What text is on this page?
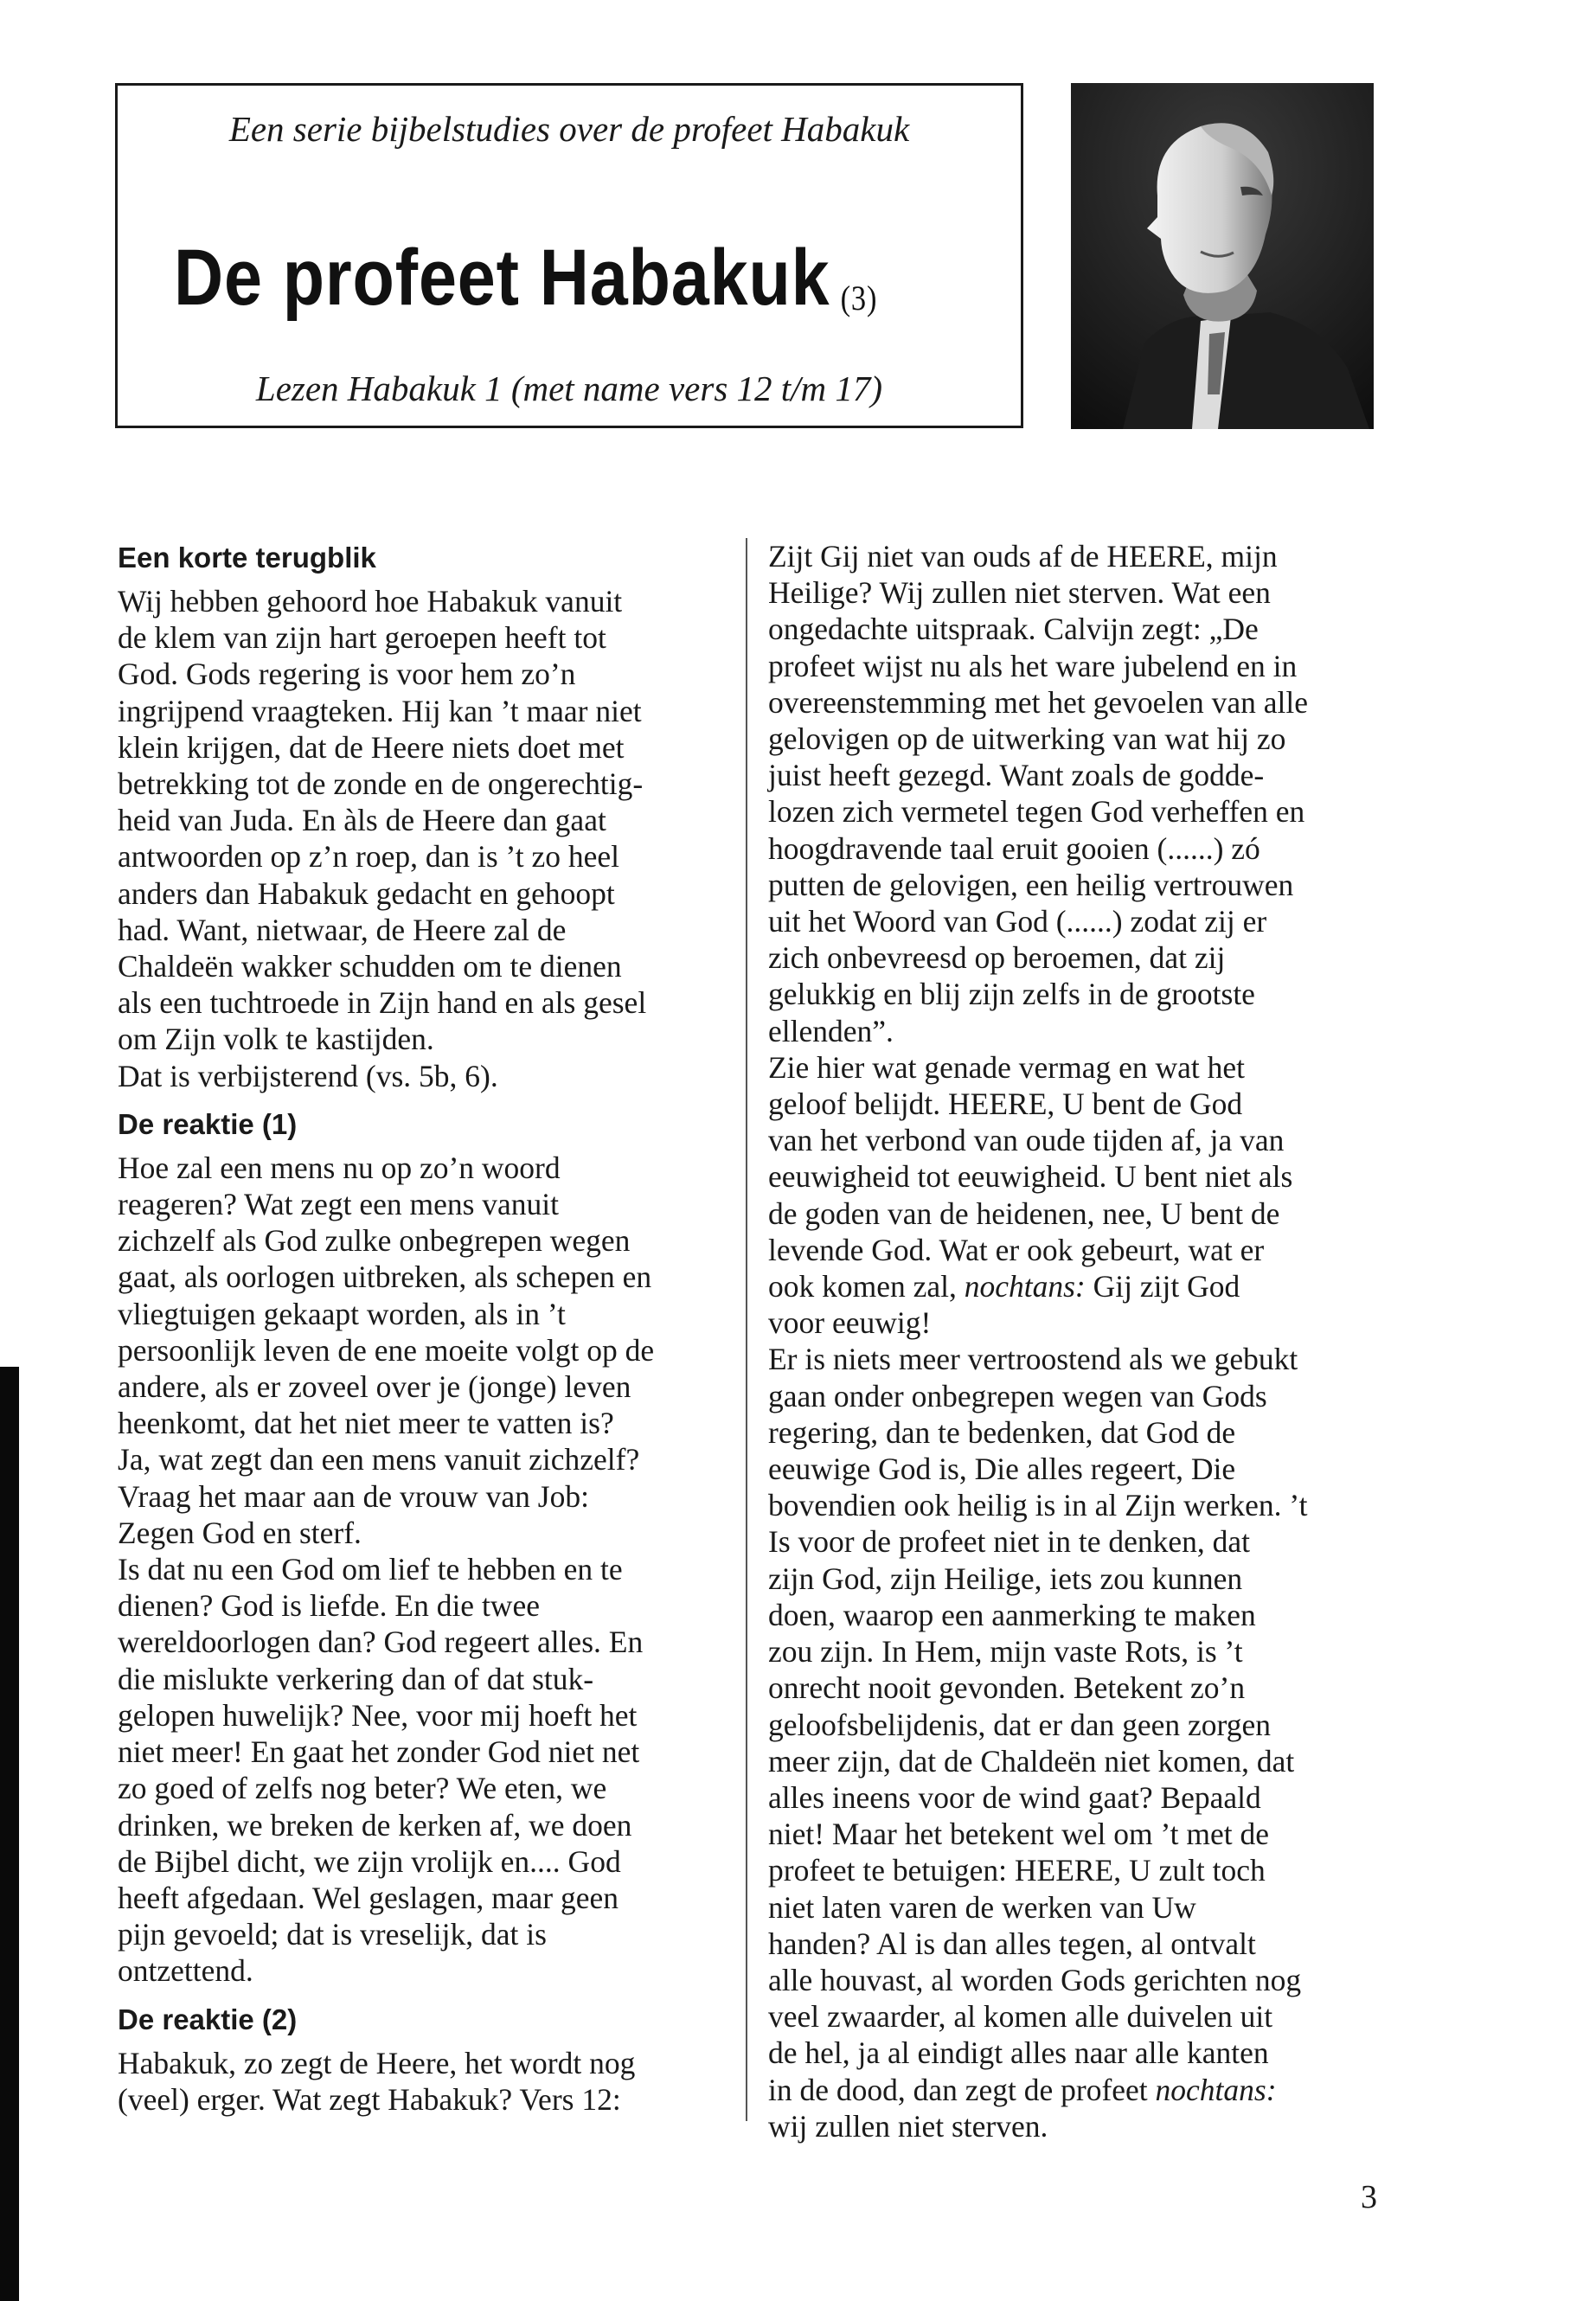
Een serie bijbelstudies over de profeet Habakuk
De profeet Habakuk (3)
Lezen Habakuk 1 (met name vers 12 t/m 17)
Een korte terugblik

Wij hebben gehoord hoe Habakuk vanuit
de klem van zijn hart geroepen heeft tot
God. Gods regering is voor hem zo’n
ingrijpend vraagteken. Hij kan ’t maar niet
klein krijgen, dat de Heere niets doet met
betrekking tot de zonde en de ongerechtig-
heid van Juda. En àls de Heere dan gaat
antwoorden op z’n roep, dan is ’t zo heel
anders dan Habakuk gedacht en gehoopt
had. Want, nietwaar, de Heere zal de
Chaldeën wakker schudden om te dienen
als een tuchtroede in Zijn hand en als gesel
om Zijn volk te kastijden.
Dat is verbijsterend (vs. 5b, 6).

De reaktie (1)

Hoe zal een mens nu op zo’n woord
reageren? Wat zegt een mens vanuit
zichzelf als God zulke onbegrepen wegen
gaat, als oorlogen uitbreken, als schepen en
vliegtuigen gekaapt worden, als in ’t
persoonlijk leven de ene moeite volgt op de
andere, als er zoveel over je (jonge) leven
heenkomt, dat het niet meer te vatten is?
Ja, wat zegt dan een mens vanuit zichzelf?
Vraag het maar aan de vrouw van Job:
Zegen God en sterf.
Is dat nu een God om lief te hebben en te
dienen? God is liefde. En die twee
wereldoorlogen dan? God regeert alles. En
die mislukte verkering dan of dat stuk-
gelopen huwelijk? Nee, voor mij hoeft het
niet meer! En gaat het zonder God niet net
zo goed of zelfs nog beter? We eten, we
drinken, we breken de kerken af, we doen
de Bijbel dicht, we zijn vrolijk en.... God
heeft afgedaan. Wel geslagen, maar geen
pijn gevoeld; dat is vreselijk, dat is
ontzettend.

De reaktie (2)

Habakuk, zo zegt de Heere, het wordt nog
(veel) erger. Wat zegt Habakuk? Vers 12:

Zijt Gij niet van ouds af de HEERE, mijn
Heilige? Wij zullen niet sterven. Wat een
ongedachte uitspraak. Calvijn zegt: „De
profeet wijst nu als het ware jubelend en in
overeenstemming met het gevoelen van alle
gelovigen op de uitwerking van wat hij zo
juist heeft gezegd. Want zoals de godde-
lozen zich vermetel tegen God verheffen en
hoogdravende taal eruit gooien (......) zó
putten de gelovigen, een heilig vertrouwen
uit het Woord van God (......) zodat zij er
zich onbevreesd op beroemen, dat zij
gelukkig en blij zijn zelfs in de grootste
ellenden”.

Zie hier wat genade vermag en wat het
geloof belijdt. HEERE, U bent de God
van het verbond van oude tijden af, ja van
eeuwigheid tot eeuwigheid. U bent niet als
de goden van de heidenen, nee, U bent de
levende God. Wat er ook gebeurt, wat er
ook komen zal, nochtans: Gij zijt God
voor eeuwig!

Er is niets meer vertroostend als we gebukt
gaan onder onbegrepen wegen van Gods
regering, dan te bedenken, dat God de
eeuwige God is, Die alles regeert, Die
bovendien ook heilig is in al Zijn werken. ’t
Is voor de profeet niet in te denken, dat
zijn God, zijn Heilige, iets zou kunnen
doen, waarop een aanmerking te maken
zou zijn. In Hem, mijn vaste Rots, is ’t
onrecht nooit gevonden. Betekent zo’n
geloofsbelijdenis, dat er dan geen zorgen
meer zijn, dat de Chaldeën niet komen, dat
alles ineens voor de wind gaat? Bepaald
niet! Maar het betekent wel om ’t met de
profeet te betuigen: HEERE, U zult toch
niet laten varen de werken van Uw
handen? Al is dan alles tegen, al ontvalt
alle houvast, al worden Gods gerichten nog
veel zwaarder, al komen alle duivelen uit
de hel, ja al eindigt alles naar alle kanten
in de dood, dan zegt de profeet nochtans:
wij zullen niet sterven.

3
